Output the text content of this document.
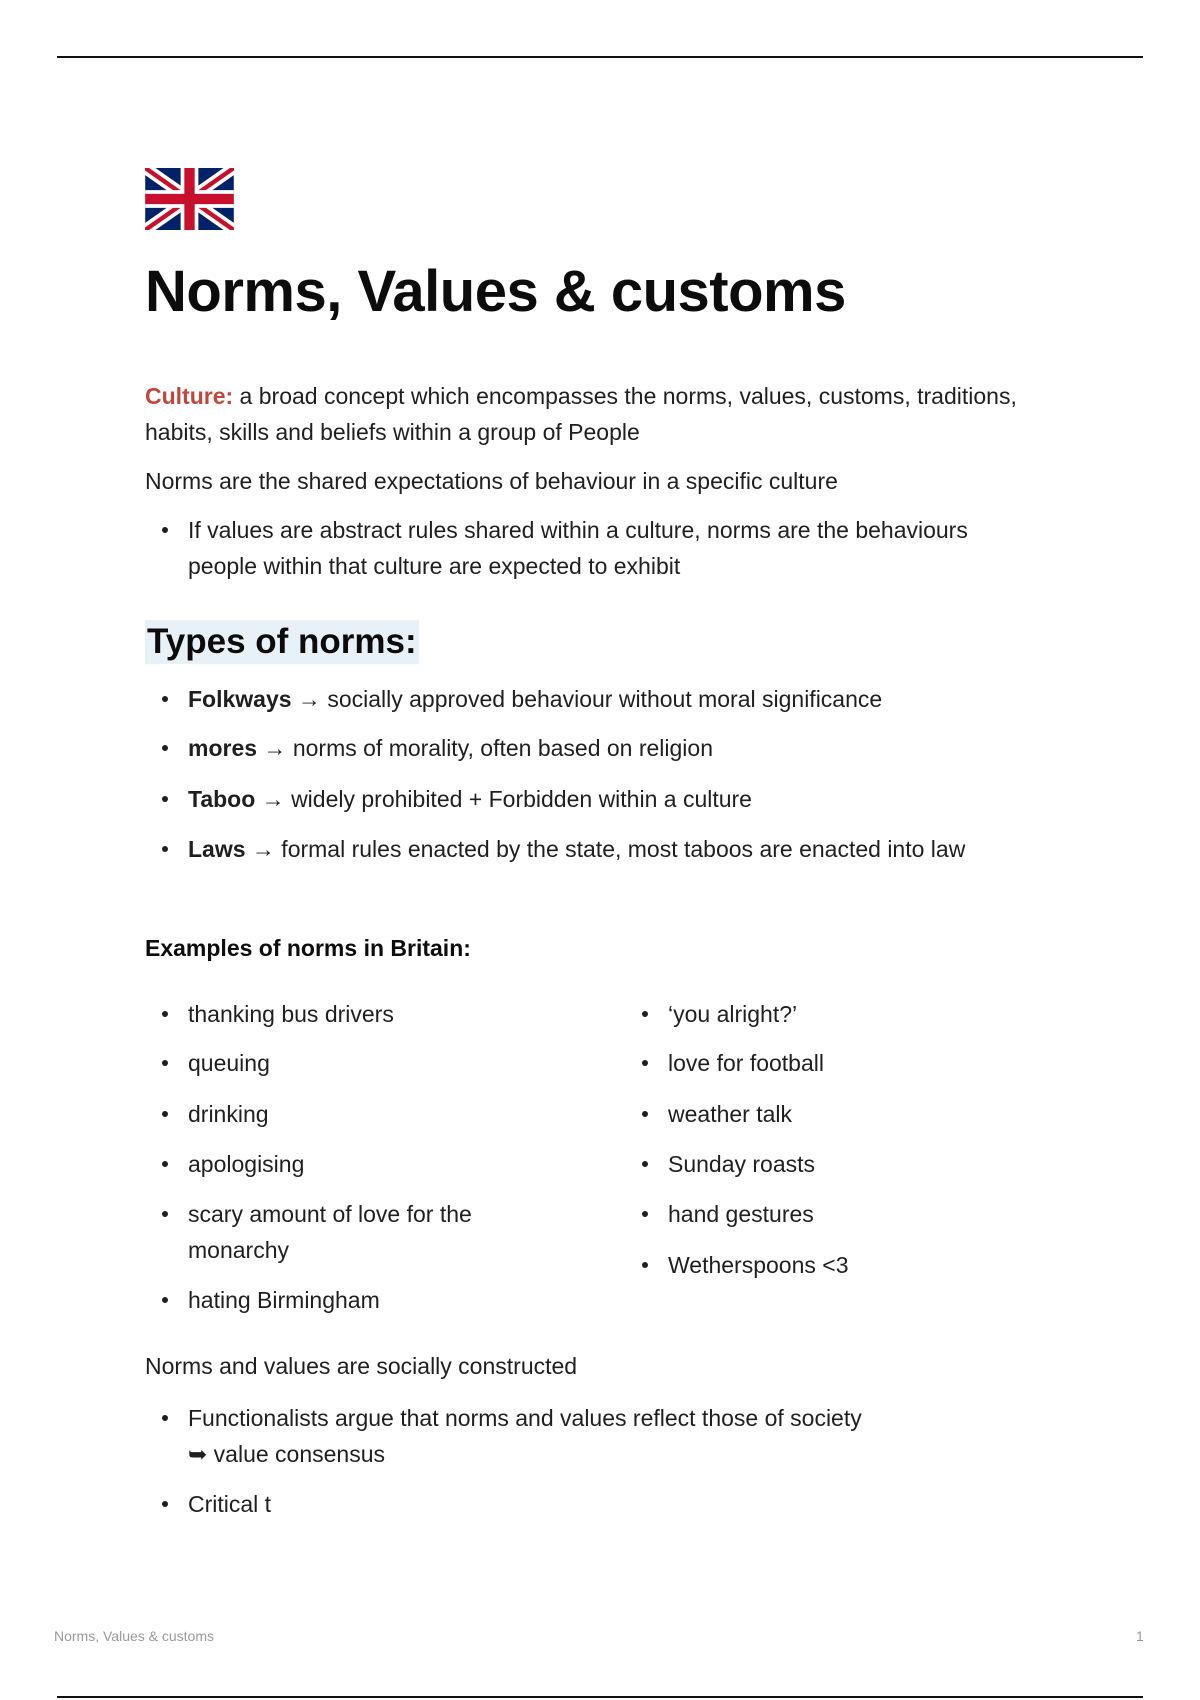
Norms, Values & customs

Culture: a broad concept which encompasses the norms, values, customs, traditions, habits, skills and beliefs within a group of People

Norms are the shared expectations of behaviour in a specific culture

If values are abstract rules shared within a culture, norms are the behaviours people within that culture are expected to exhibit
Types of norms:
Folkways → socially approved behaviour without moral significance
mores → norms of morality, often based on religion
Taboo → widely prohibited + Forbidden within a culture
Laws → formal rules enacted by the state, most taboos are enacted into law
Examples of norms in Britain:
thanking bus drivers
queuing
drinking
apologising
scary amount of love for the monarchy
hating Birmingham
‘you alright?’
love for football
weather talk
Sunday roasts
hand gestures
Wetherspoons <3

Norms and values are socially constructed

Functionalists argue that norms and values reflect those of society
➥ value consensus
Critical t
Norms, Values & customs	1
